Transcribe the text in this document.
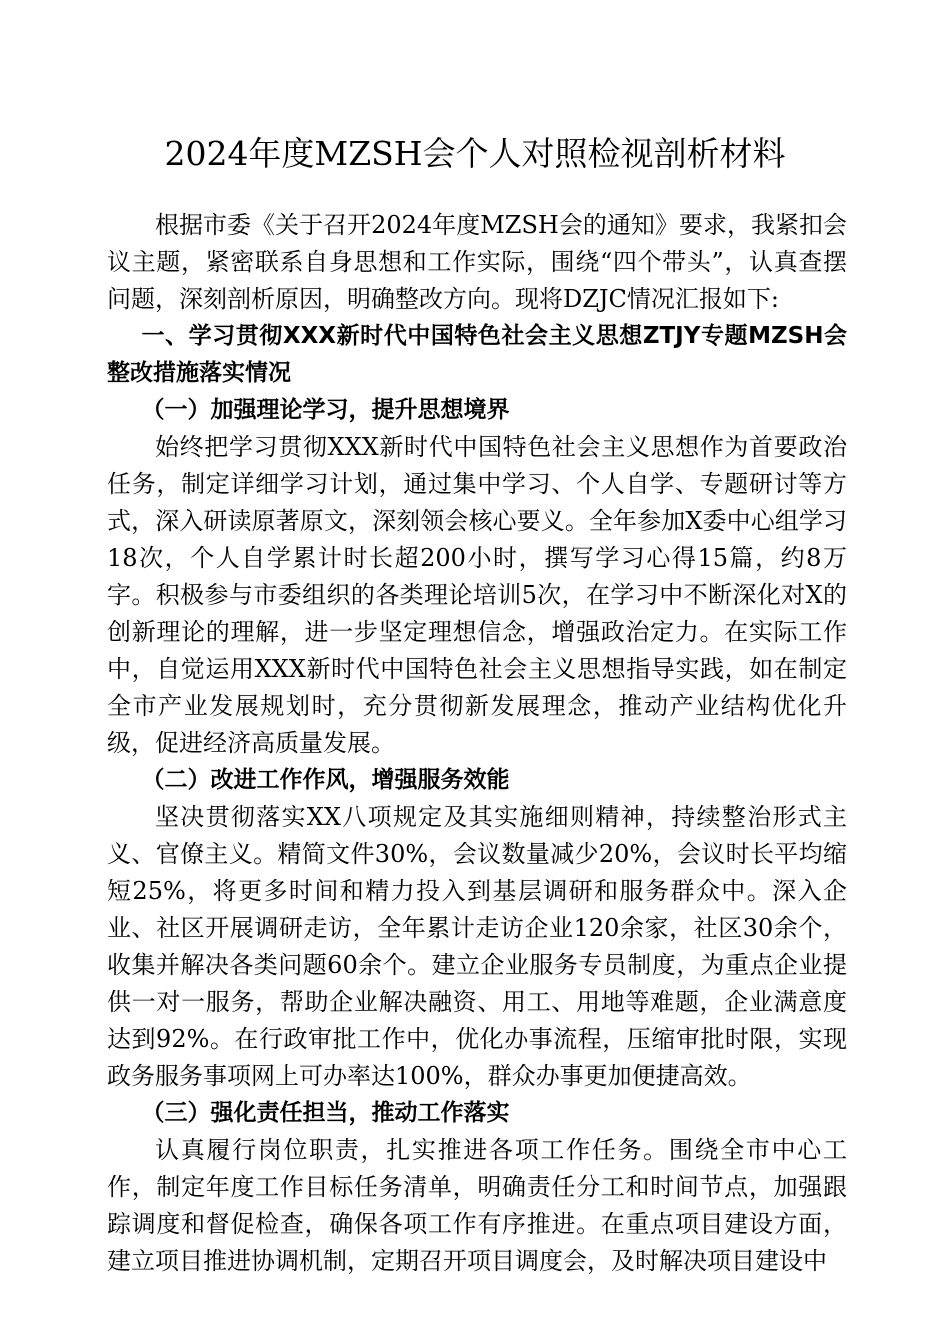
2024年度MZSH会个人对照检视剖析材料

根据市委《关于召开2024年度MZSH会的通知》要求，我紧扣会议主题，紧密联系自身思想和工作实际，围绕“四个带头”，认真查摆问题，深刻剖析原因，明确整改方向。现将DZJC情况汇报如下:

一、学习贯彻XXX新时代中国特色社会主义思想ZTJY专题MZSH会整改措施落实情况

（一）加强理论学习，提升思想境界

始终把学习贯彻XXX新时代中国特色社会主义思想作为首要政治任务，制定详细学习计划，通过集中学习、个人自学、专题研讨等方式，深入研读原著原文，深刻领会核心要义。全年参加X委中心组学习18次，个人自学累计时长超200小时，撰写学习心得15篇，约8万字。积极参与市委组织的各类理论培训5次，在学习中不断深化对X的创新理论的理解，进一步坚定理想信念，增强政治定力。在实际工作中，自觉运用XXX新时代中国特色社会主义思想指导实践，如在制定全市产业发展规划时，充分贯彻新发展理念，推动产业结构优化升级，促进经济高质量发展。

（二）改进工作作风，增强服务效能

坚决贯彻落实XX八项规定及其实施细则精神，持续整治形式主义、官僚主义。精简文件30%，会议数量减少20%，会议时长平均缩短25%，将更多时间和精力投入到基层调研和服务群众中。深入企业、社区开展调研走访，全年累计走访企业120余家，社区30余个，收集并解决各类问题60余个。建立企业服务专员制度，为重点企业提供一对一服务，帮助企业解决融资、用工、用地等难题，企业满意度达到92%。在行政审批工作中，优化办事流程，压缩审批时限，实现政务服务事项网上可办率达100%，群众办事更加便捷高效。

（三）强化责任担当，推动工作落实

认真履行岗位职责，扎实推进各项工作任务。围绕全市中心工作，制定年度工作目标任务清单，明确责任分工和时间节点，加强跟踪调度和督促检查，确保各项工作有序推进。在重点项目建设方面，建立项目推进协调机制，定期召开项目调度会，及时解决项目建设中
